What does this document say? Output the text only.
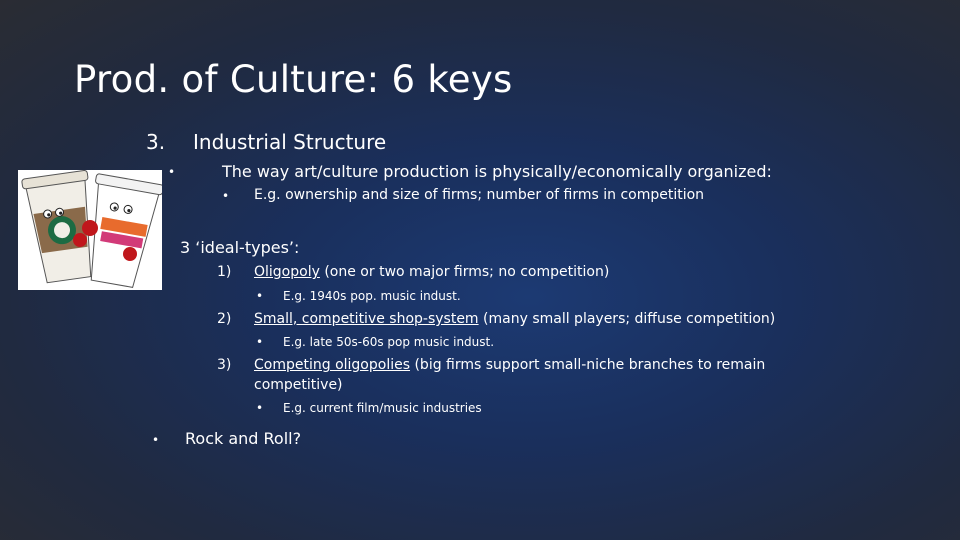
Prod. of Culture: 6 keys
3. Industrial Structure
•	The way art/culture production is physically/economically organized:
• E.g. ownership and size of firms; number of firms in competition
3 ‘ideal-types’:
1) Oligopoly (one or two major firms; no competition)
• E.g. 1940s pop. music indust.
2) Small, competitive shop-system (many small players; diffuse competition)
• E.g. late 50s-60s pop music indust.
3) Competing oligopolies (big firms support small-niche branches to remain
competitive)
• E.g. current film/music industries
• Rock and Roll?
